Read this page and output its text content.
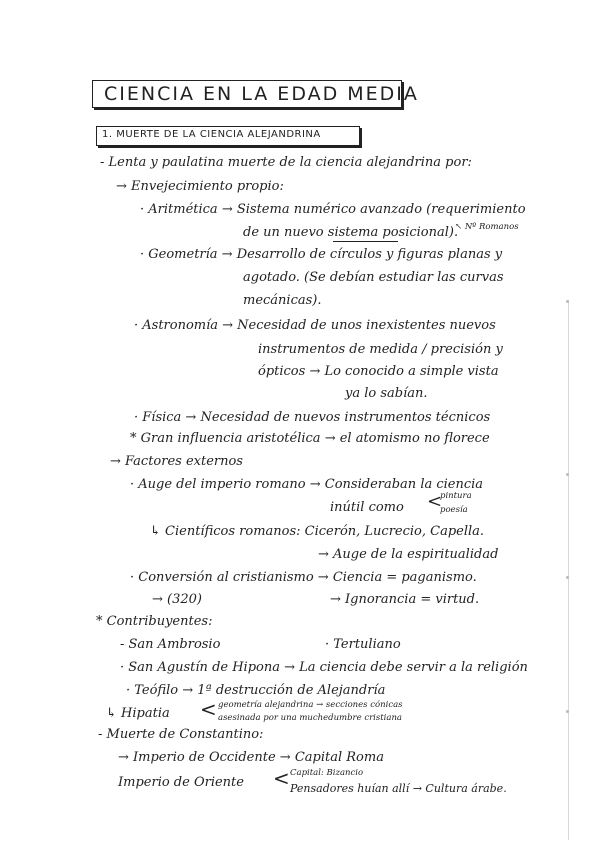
CIENCIA EN LA EDAD MEDIA
1. MUERTE DE LA CIENCIA ALEJANDRINA
- Lenta y paulatina muerte de la ciencia alejandrina por:
→ Envejecimiento propio:
· Aritmética → Sistema numérico avanzado (requerimiento
↖ Nº Romanos
de un nuevo sistema posicional).
· Geometría → Desarrollo de círculos y figuras planas y
agotado. (Se debían estudiar las curvas
mecánicas).
· Astronomía → Necesidad de unos inexistentes nuevos
instrumentos de medida / precisión y
ópticos → Lo conocido a simple vista
ya lo sabían.
· Física → Necesidad de nuevos instrumentos técnicos
* Gran influencia aristotélica → el atomismo no florece
→ Factores externos
· Auge del imperio romano → Consideraban la ciencia
inútil como
pintura
poesía
<
↳ Científicos romanos: Cicerón, Lucrecio, Capella.
→ Auge de la espiritualidad
· Conversión al cristianismo → Ciencia = paganismo.
→ (320)	→ Ignorancia = virtud.
* Contribuyentes:
- San Ambrosio	· Tertuliano
· San Agustín de Hipona → La ciencia debe servir a la religión
· Teófilo → 1ª destrucción de Alejandría
geometría alejandrina → secciones cónicas
↳ Hipatia < asesinada por una muchedumbre cristiana
- Muerte de Constantino:
→ Imperio de Occidente → Capital Roma
Capital: Bizancio
Imperio de Oriente < Pensadores huían allí → Cultura árabe.
